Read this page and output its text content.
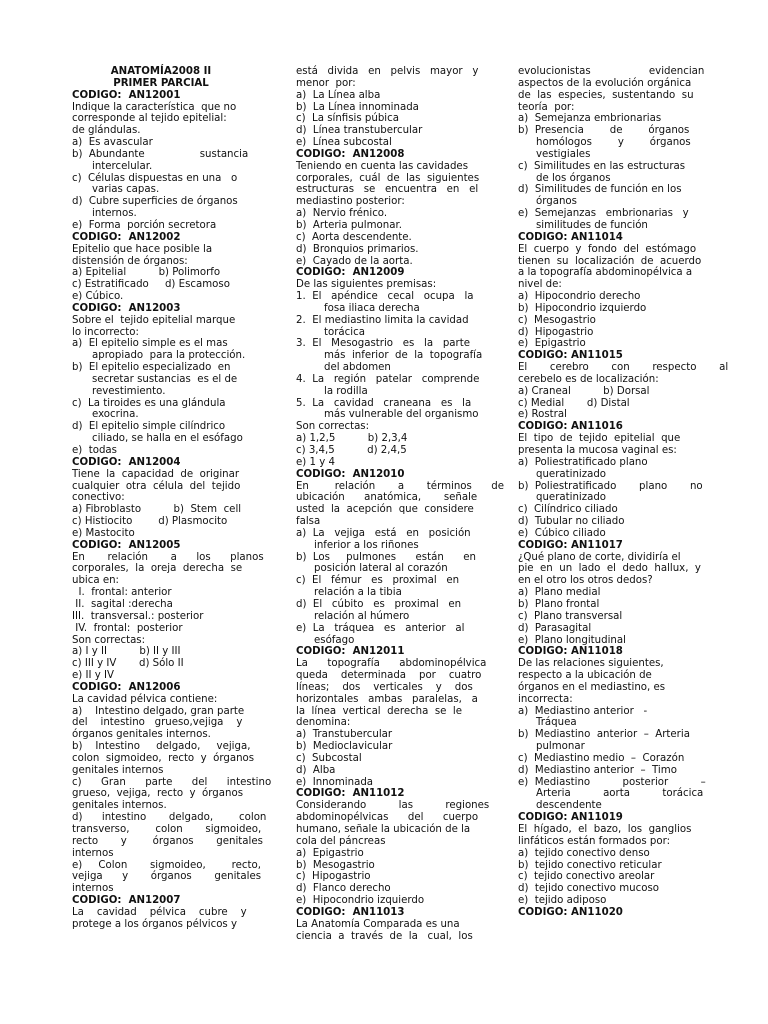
ANATOMÍA2008 II
PRIMER PARCIAL
CODIGO:  AN12001
Indique la característica  que no
corresponde al tejido epitelial:
de glándulas.
a)  Es avascular
b)  Abundante                 sustancia
intercelular.
c)  Células dispuestas en una   o
varias capas.
d)  Cubre superficies de órganos
internos.
e)  Forma  porción secretora
CODIGO:  AN12002
Epitelio que hace posible la
distensión de órganos:
a) Epitelial          b) Polimorfo
c) Estratificado     d) Escamoso
e) Cúbico.
CODIGO:  AN12003
Sobre el  tejido epitelial marque
lo incorrecto:
a)  El epitelio simple es el mas
apropiado  para la protección.
b)  El epitelio especializado  en
secretar sustancias  es el de
revestimiento.
c)  La tiroides es una glándula
exocrina.
d)  El epitelio simple cilíndrico
ciliado, se halla en el esófago
e)  todas
CODIGO:  AN12004
Tiene  la  capacidad  de  originar
cualquier  otra  célula  del  tejido
conectivo:
a) Fibroblasto          b)  Stem  cell
c) Histiocito        d) Plasmocito
e) Mastocito
CODIGO:  AN12005
En       relación       a      los      planos
corporales,  la  oreja  derecha  se
ubica en:
I.  frontal: anterior
II.  sagital :derecha
III.  transversal.: posterior
IV.  frontal:  posterior
Son correctas:
a) I y II          b) II y III
c) III y IV       d) Sólo II
e) II y IV
CODIGO:  AN12006
La cavidad pélvica contiene:
a)    Intestino delgado, gran parte
del    intestino   grueso,vejiga    y
órganos genitales internos.
b)    Intestino     delgado,     vejiga,
colon  sigmoideo,  recto  y  órganos
genitales internos
c)      Gran      parte      del      intestino
grueso,  vejiga,  recto  y  órganos
genitales internos.
d)      intestino       delgado,        colon
transverso,        colon       sigmoideo,
recto       y        órganos       genitales
internos
e)     Colon       sigmoideo,        recto,
vejiga      y       órganos       genitales
internos
CODIGO:  AN12007
La    cavidad    pélvica    cubre    y
protege a los órganos pélvicos y
está   divida   en   pelvis   mayor   y
menor  por:
a)  La Línea alba
b)  La Línea innominada
c)  La sínfisis púbica
d)  Línea transtubercular
e)  Línea subcostal
CODIGO:  AN12008
Teniendo en cuenta las cavidades
corporales,  cuál  de  las  siguientes
estructuras   se   encuentra   en   el
mediastino posterior:
a)  Nervio frénico.
b)  Arteria pulmonar.
c)  Aorta descendente.
d)  Bronquios primarios.
e)  Cayado de la aorta.
CODIGO:  AN12009
De las siguientes premisas:
1.  El   apéndice   cecal   ocupa   la
fosa iliaca derecha
2.  El mediastino limita la cavidad
torácica
3.  El   Mesogastrio   es   la   parte
más  inferior  de  la  topografía
del abdomen
4.  La   región   patelar   comprende
la rodilla
5.  La   cavidad   craneana   es   la
más vulnerable del organismo
Son correctas:
a) 1,2,5          b) 2,3,4
c) 3,4,5          d) 2,4,5
e) 1 y 4
CODIGO:  AN12010
En        relación       a       términos      de
ubicación      anatómica,       señale
usted  la  acepción  que  considere
falsa
a)  La   vejiga   está   en   posición
inferior a los riñones
b)  Los     pulmones      están      en
posición lateral al corazón
c)  El   fémur   es   proximal   en
relación a la tibia
d)  El   cúbito   es   proximal   en
relación al húmero
e)  La   tráquea   es   anterior   al
esófago
CODIGO:  AN12011
La      topografía      abdominopélvica
queda    determinada    por    cuatro
líneas;    dos    verticales    y    dos
horizontales   ambas   paralelas,   a
la  línea  vertical  derecha  se  le
denomina:
a)  Transtubercular
b)  Medioclavicular
c)  Subcostal
d)  Alba
e)  Innominada
CODIGO:  AN11012
Considerando          las          regiones
abdominopélvicas      del      cuerpo
humano, señale la ubicación de la
cola del páncreas
a)  Epigastrio
b)  Mesogastrio
c)  Hipogastrio
d)  Flanco derecho
e)  Hipocondrio izquierdo
CODIGO:  AN11013
La Anatomía Comparada es una
ciencia  a  través  de  la   cual,  los
evolucionistas                  evidencian
aspectos de la evolución orgánica
de  las  especies,  sustentando  su
teoría  por:
a)  Semejanza embrionarias
b)  Presencia        de        órganos
homólogos        y        órganos
vestigiales
c)  Similitudes en las estructuras
de los órganos
d)  Similitudes de función en los
órganos
e)  Semejanzas   embrionarias   y
similitudes de función
CODIGO: AN11014
El  cuerpo  y  fondo  del  estómago
tienen  su  localización  de  acuerdo
a la topografía abdominopélvica a
nivel de:
a)  Hipocondrio derecho
b)  Hipocondrio izquierdo
c)  Mesogastrio
d)  Hipogastrio
e)  Epigastrio
CODIGO: AN11015
El       cerebro       con       respecto       al
cerebelo es de localización:
a) Craneal          b) Dorsal
c) Medial       d) Distal
e) Rostral
CODIGO: AN11016
El  tipo  de  tejido  epitelial  que
presenta la mucosa vaginal es:
a)  Poliestratificado plano
queratinizado
b)  Poliestratificado       plano       no
queratinizado
c)  Cilíndrico ciliado
d)  Tubular no ciliado
e)  Cúbico ciliado
CODIGO: AN11017
¿Qué plano de corte, dividiría el
pie  en  un  lado  el  dedo  hallux,  y
en el otro los otros dedos?
a)  Plano medial
b)  Plano frontal
c)  Plano transversal
d)  Parasagital
e)  Plano longitudinal
CODIGO: AN11018
De las relaciones siguientes,
respecto a la ubicación de
órganos en el mediastino, es
incorrecta:
a)  Mediastino anterior   -
Tráquea
b)  Mediastino  anterior  –  Arteria
pulmonar
c)  Mediastino medio  –  Corazón
d)  Mediastino anterior  –  Timo
e)  Mediastino          posterior          –
Arteria          aorta          torácica
descendente
CODIGO: AN11019
El  hígado,  el  bazo,  los  ganglios
linfáticos están formados por:
a)  tejido conectivo denso
b)  tejido conectivo reticular
c)  tejido conectivo areolar
d)  tejido conectivo mucoso
e)  tejido adiposo
CODIGO: AN11020
